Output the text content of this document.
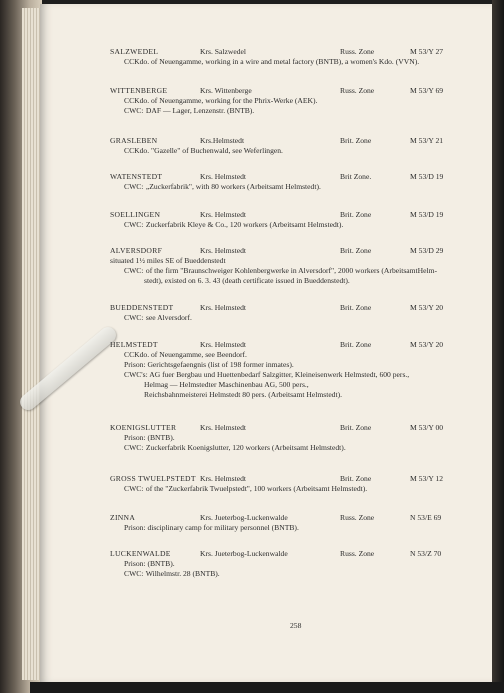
SALZWEDEL	Krs. Salzwedel	Russ. Zone	M 53/Y 27
CCKdo. of Neuengamme, working in a wire and metal factory (BNTB), a women's Kdo. (VVN).
WITTENBERGE	Krs. Wittenberge	Russ. Zone	M 53/Y 69
CCKdo. of Neuengamme, working for the Phrix-Werke (AEK).
CWC: DAF — Lager, Lenzenstr. (BNTB).
GRASLEBEN	Krs.Helmstedt	Brit. Zone	M 53/Y 21
CCKdo. "Gazelle" of Buchenwald, see Weferlingen.
WATENSTEDT	Krs. Helmstedt	Brit Zone.	M 53/D 19
CWC: „Zuckerfabrik", with 80 workers (Arbeitsamt Helmstedt).
SOELLINGEN	Krs. Helmstedt	Brit. Zone	M 53/D 19
CWC: Zuckerfabrik Kleye & Co., 120 workers (Arbeitsamt Helmstedt).
ALVERSDORF	Krs. Helmstedt	Brit. Zone	M 53/D 29
situated 1½ miles SE of Bueddenstedt
CWC: of the firm "Braunschweiger Kohlenbergwerke in Alversdorf", 2000 workers (ArbeitsamtHelm-
stedt), existed on 6. 3. 43 (death certificate issued in Bueddenstedt).
BUEDDENSTEDT	Krs. Helmstedt	Brit. Zone	M 53/Y 20
CWC: see Alversdorf.
HELMSTEDT	Krs. Helmstedt	Brit. Zone	M 53/Y 20
CCKdo. of Neuengamme, see Beendorf.
Prison: Gerichtsgefaengnis (list of 198 former inmates).
CWC's: AG fuer Bergbau und Huettenbedarf Salzgitter, Kleineisenwerk Helmstedt, 600 pers.,
Helmag — Helmstedter Maschinenbau AG, 500 pers.,
Reichsbahnmeisterei Helmstedt 80 pers. (Arbeitsamt Helmstedt).
KOENIGSLUTTER	Krs. Helmstedt	Brit. Zone	M 53/Y 00
Prison: (BNTB).
CWC: Zuckerfabrik Koenigslutter, 120 workers (Arbeitsamt Helmstedt).
GROSS TWUELPSTEDT Krs. Helmstedt	Brit. Zone	M 53/Y 12
CWC: of the "Zuckerfabrik Twuelpstedt", 100 workers (Arbeitsamt Helmstedt).
ZINNA	Krs. Jueterbog-Luckenwalde	Russ. Zone	N 53/E 69
Prison: disciplinary camp for military personnel (BNTB).
LUCKENWALDE	Krs. Jueterbog-Luckenwalde	Russ. Zone	N 53/Z 70
Prison: (BNTB).
CWC: Wilhelmstr. 28 (BNTB).
258
